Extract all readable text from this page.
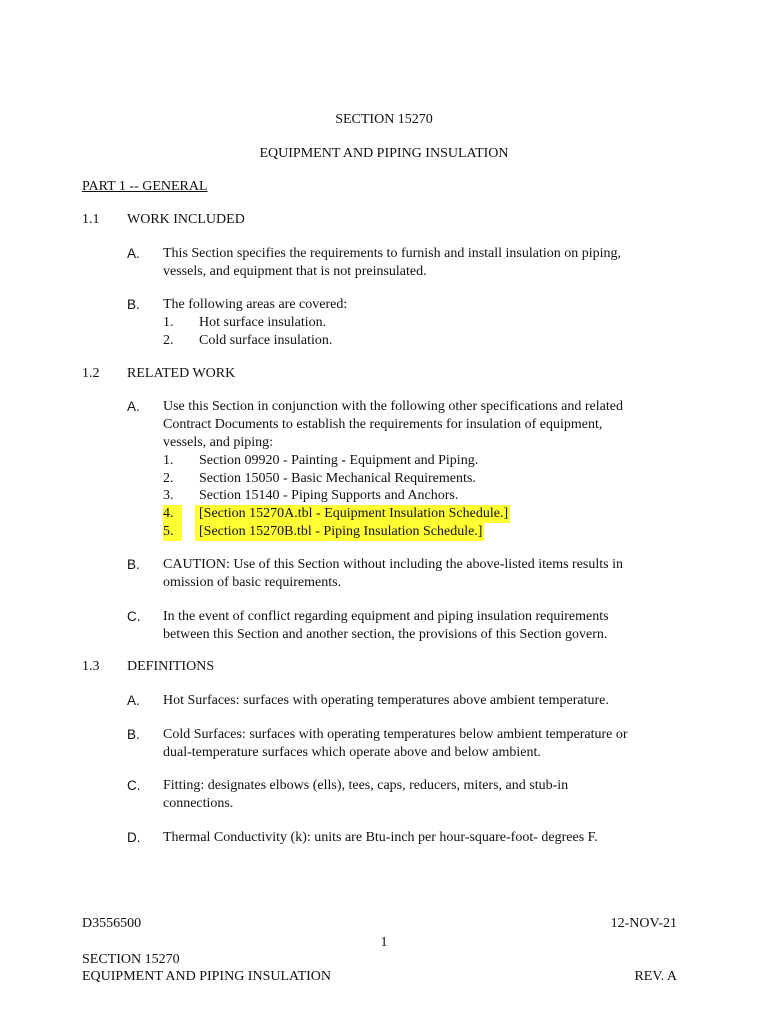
SECTION 15270
EQUIPMENT AND PIPING INSULATION
PART 1 -- GENERAL
1.1 WORK INCLUDED
A. This Section specifies the requirements to furnish and install insulation on piping,
vessels, and equipment that is not preinsulated.
B. The following areas are covered:
1. Hot surface insulation.
2. Cold surface insulation.
1.2 RELATED WORK
A. Use this Section in conjunction with the following other specifications and related
Contract Documents to establish the requirements for insulation of equipment,
vessels, and piping:
1. Section 09920 - Painting - Equipment and Piping.
2. Section 15050 - Basic Mechanical Requirements.
3. Section 15140 - Piping Supports and Anchors.
4.	[Section 15270A.tbl - Equipment Insulation Schedule.]
5.	[Section 15270B.tbl - Piping Insulation Schedule.]
B. CAUTION: Use of this Section without including the above-listed items results in
omission of basic requirements.
C. In the event of conflict regarding equipment and piping insulation requirements
between this Section and another section, the provisions of this Section govern.
1.3 DEFINITIONS
A. Hot Surfaces: surfaces with operating temperatures above ambient temperature.
B. Cold Surfaces: surfaces with operating temperatures below ambient temperature or
dual-temperature surfaces which operate above and below ambient.
C. Fitting: designates elbows (ells), tees, caps, reducers, miters, and stub-in
connections.
D. Thermal Conductivity (k): units are Btu-inch per hour-square-foot- degrees F.
D3556500	12-NOV-21
1
SECTION 15270
EQUIPMENT AND PIPING INSULATION	REV. A
